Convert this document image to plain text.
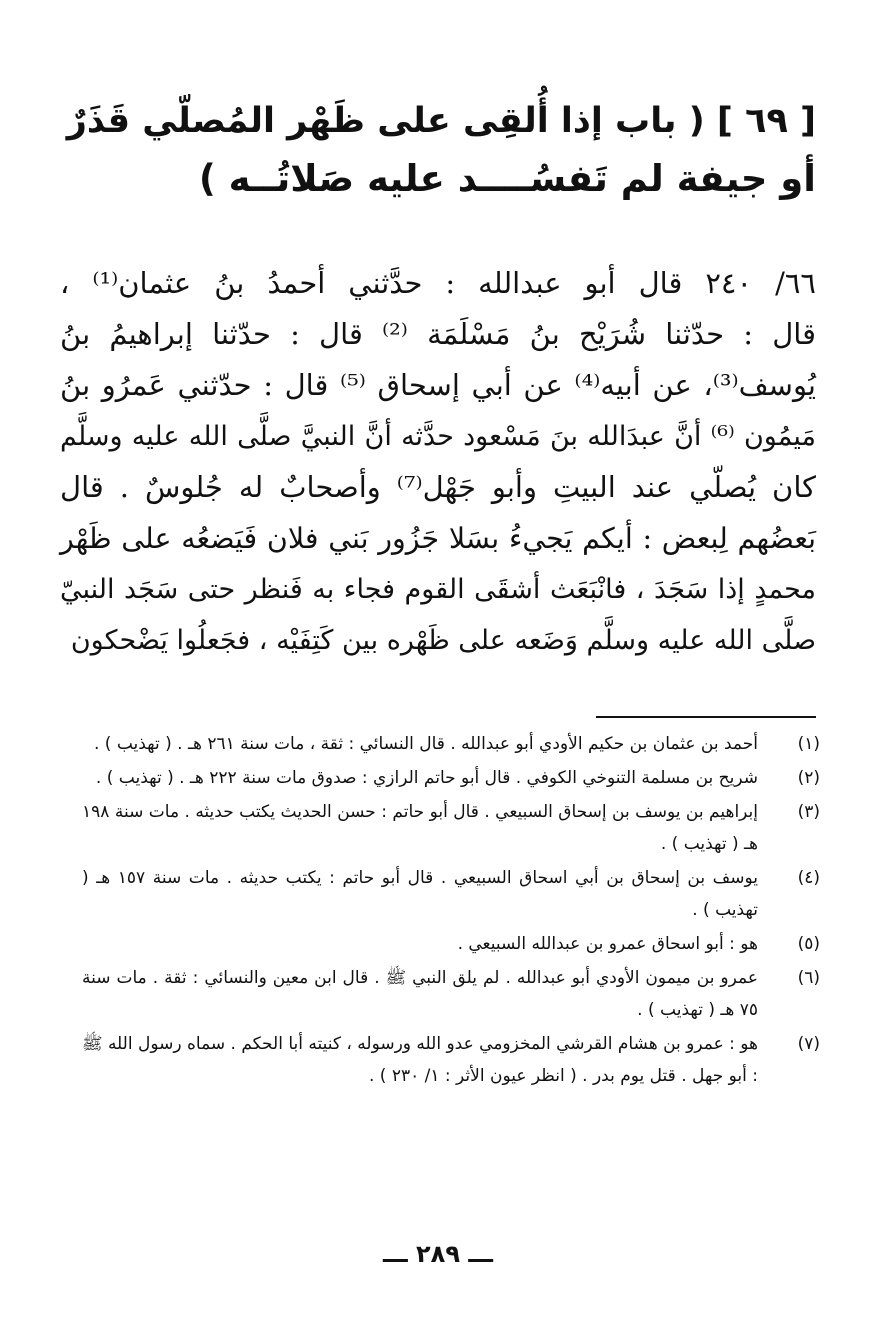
[ ٦٩ ] ( باب إذا أُلقِى على ظَهْر المُصلّي قَذَرٌ
أو جيفة لم تَفسُــــد عليه صَلاتُــه )
٦٦/ ٢٤٠ قال أبو عبدالله : حدَّثني أحمدُ بنُ عثمان⁽¹⁾ ،
قال : حدّثنا شُرَيْح بنُ مَسْلَمَة ⁽²⁾ قال : حدّثنا إبراهيمُ بنُ
يُوسف⁽³⁾، عن أبيه⁽⁴⁾ عن أبي إسحاق ⁽⁵⁾ قال : حدّثني عَمرُو بنُ
مَيمُون ⁽⁶⁾ أنَّ عبدَالله بنَ مَسْعود حدَّثه أنَّ النبيَّ صلَّى الله عليه وسلَّم
كان يُصلّي عند البيتِ وأبو جَهْل⁽⁷⁾ وأصحابٌ له جُلوسٌ . قال
بَعضُهم لِبعض : أيكم يَجيءُ بسَلا جَزُور بَني فلان فَيَضعُه على ظَهْر
محمدٍ إذا سَجَدَ ، فانْبَعَث أشقَى القوم فجاء به فَنظر حتى سَجَد النبيّ
صلَّى الله عليه وسلَّم وَضَعه على ظَهْره بين كَتِفَيْه ، فجَعلُوا يَضْحكون
(١)
أحمد بن عثمان بن حكيم الأودي أبو عبدالله . قال النسائي : ثقة ، مات سنة ٢٦١ هـ . ( تهذيب ) .
(٢)
شريح بن مسلمة التنوخي الكوفي . قال أبو حاتم الرازي : صدوق مات سنة ٢٢٢ هـ . ( تهذيب ) .
(٣)
إبراهيم بن يوسف بن إسحاق السبيعي . قال أبو حاتم : حسن الحديث يكتب حديثه . مات سنة ١٩٨ هـ ( تهذيب ) .
(٤)
يوسف بن إسحاق بن أبي اسحاق السبيعي . قال أبو حاتم : يكتب حديثه . مات سنة ١٥٧ هـ ( تهذيب ) .
(٥)
هو : أبو اسحاق عمرو بن عبدالله السبيعي .
(٦)
عمرو بن ميمون الأودي أبو عبدالله . لم يلق النبي ﷺ . قال ابن معين والنسائي : ثقة . مات سنة ٧٥ هـ ( تهذيب ) .
(٧)
هو : عمرو بن هشام القرشي المخزومي عدو الله ورسوله ، كنيته أبا الحكم . سماه رسول الله ﷺ : أبو جهل . قتل يوم بدر . ( انظر عيون الأثر : ١/ ٢٣٠ ) .
ـــ ٢٨٩ ـــ
